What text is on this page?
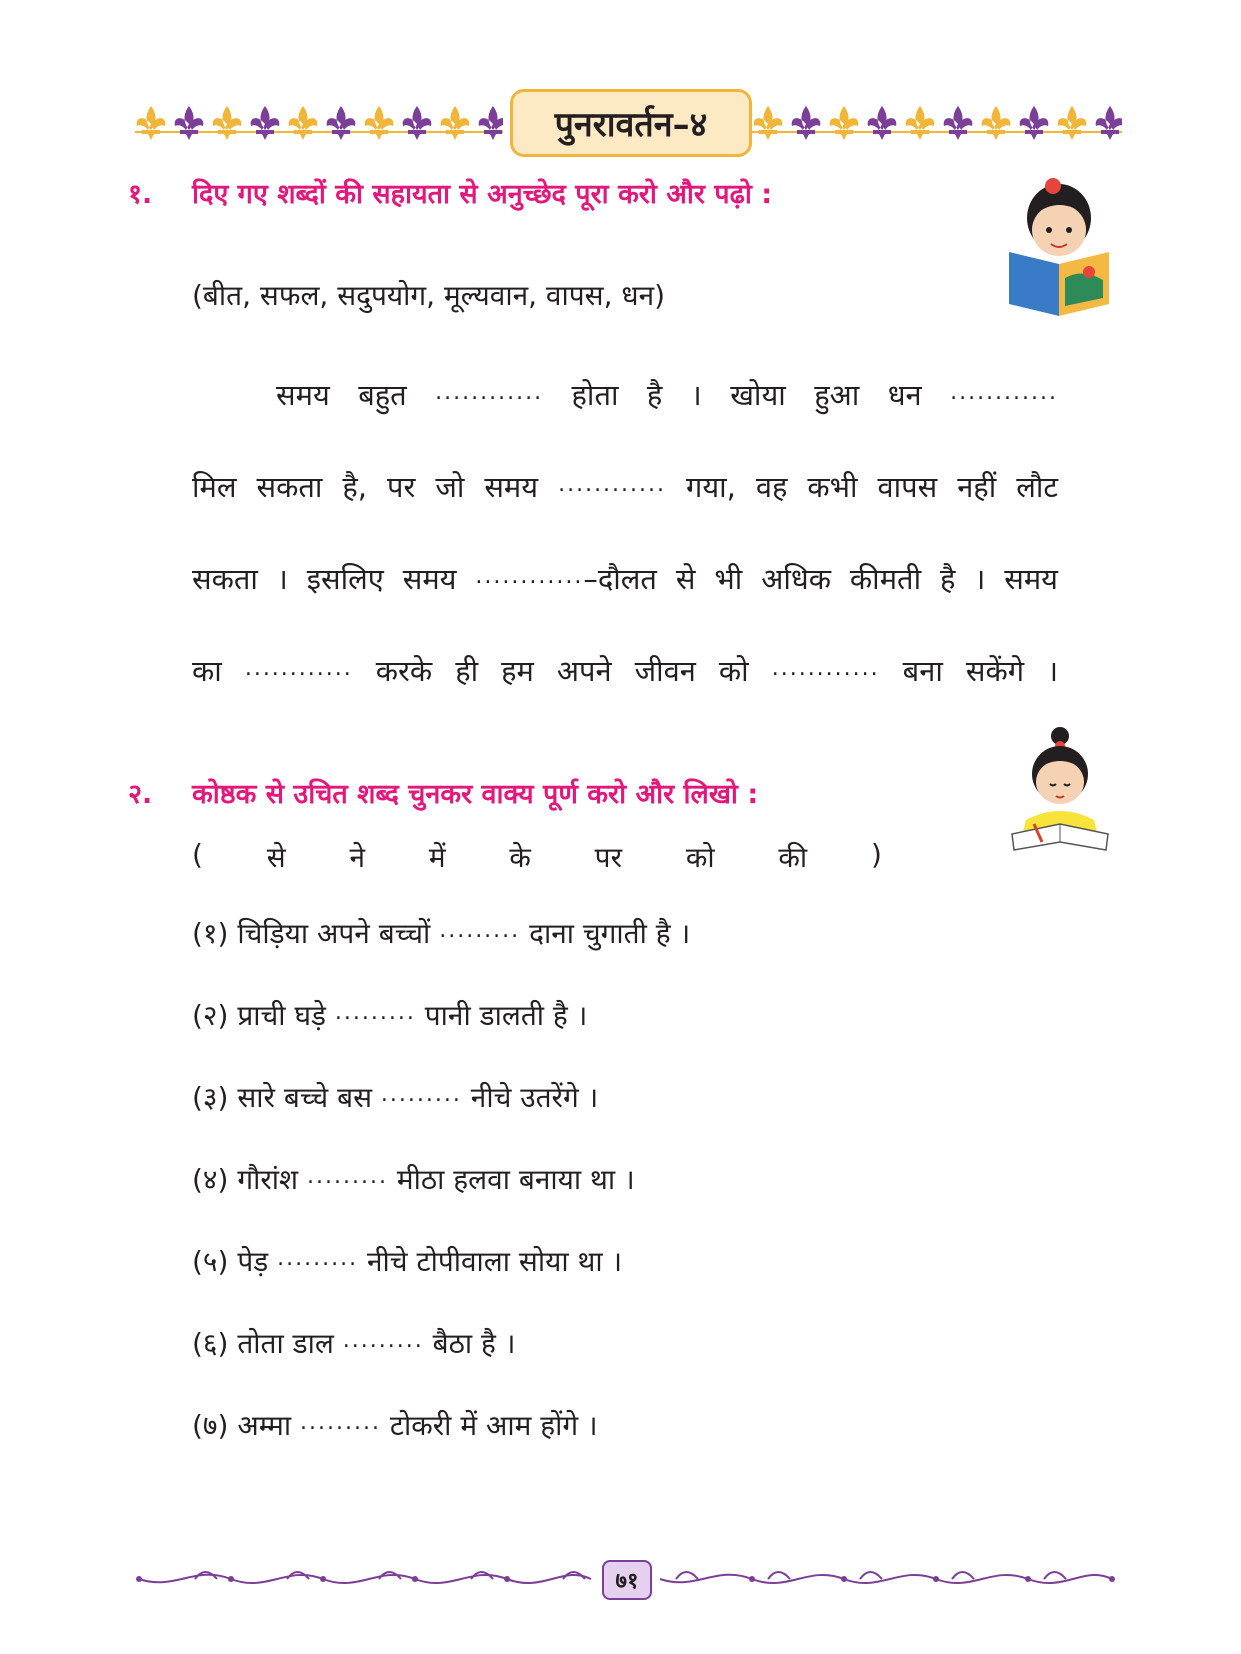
पुनरावर्तन–४
१. दिए गए शब्दों की सहायता से अनुच्छेद पूरा करो और पढ़ो :
(बीत, सफल, सदुपयोग, मूल्यवान, वापस, धन)
समय बहुत ............ होता है । खोया हुआ धन ............
मिल सकता है, पर जो समय ............ गया, वह कभी वापस नहीं लौट
सकता । इसलिए समय ............–दौलत से भी अधिक कीमती है । समय
का ............ करके ही हम अपने जीवन को ............ बना सकेंगे ।
२. कोष्ठक से उचित शब्द चुनकर वाक्य पूर्ण करो और लिखो :
( से ने में के पर को की )
(१) चिड़िया अपने बच्चों ......... दाना चुगाती है ।
(२) प्राची घड़े ......... पानी डालती है ।
(३) सारे बच्चे बस ......... नीचे उतरेंगे ।
(४) गौरांश ......... मीठा हलवा बनाया था ।
(५) पेड़ ......... नीचे टोपीवाला सोया था ।
(६) तोता डाल ......... बैठा है ।
(७) अम्मा ......... टोकरी में आम होंगे ।
७१
